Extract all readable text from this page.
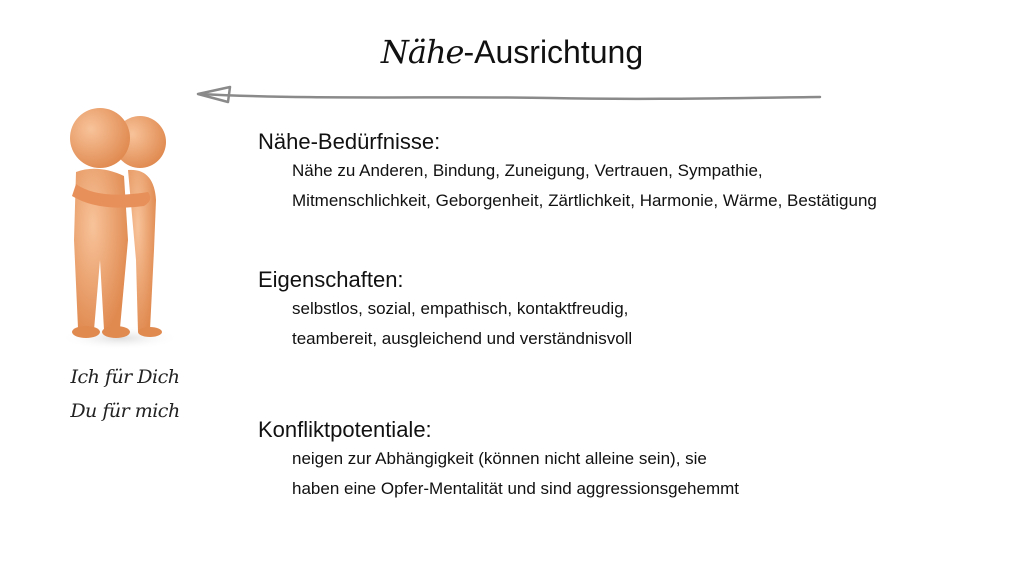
Nähe-Ausrichtung
Ich für Dich
Du für mich
Nähe-Bedürfnisse:
Nähe zu Anderen, Bindung, Zuneigung, Vertrauen, Sympathie,
Mitmenschlichkeit, Geborgenheit, Zärtlichkeit, Harmonie, Wärme, Bestätigung
Eigenschaften:
selbstlos, sozial, empathisch, kontaktfreudig,
teambereit, ausgleichend und verständnisvoll
Konfliktpotentiale:
neigen zur Abhängigkeit (können nicht alleine sein), sie
haben eine Opfer-Mentalität und sind aggressionsgehemmt
